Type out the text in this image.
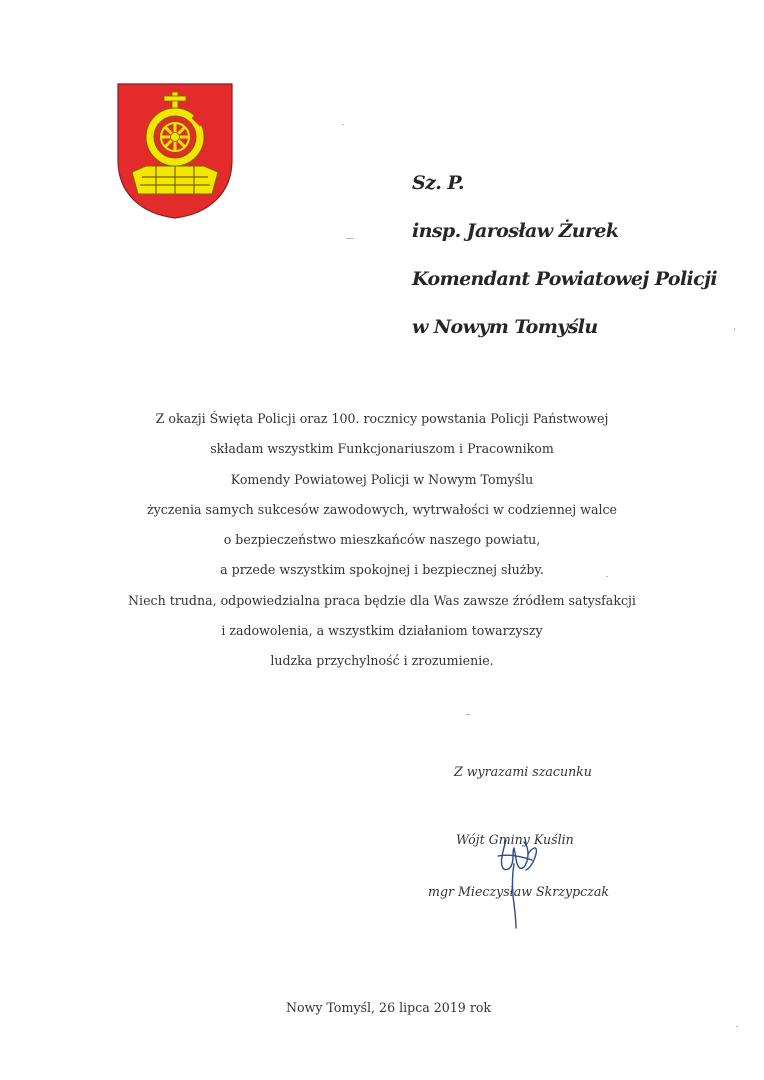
Sz. P.
insp. Jarosław Żurek
Komendant Powiatowej Policji
w Nowym Tomyślu
Z okazji Święta Policji oraz 100. rocznicy powstania Policji Państwowej
składam wszystkim Funkcjonariuszom i Pracownikom
Komendy Powiatowej Policji w Nowym Tomyślu
życzenia samych sukcesów zawodowych, wytrwałości w codziennej walce
o bezpieczeństwo mieszkańców naszego powiatu,
a przede wszystkim spokojnej i bezpiecznej służby.
Niech trudna, odpowiedzialna praca będzie dla Was zawsze źródłem satysfakcji
i zadowolenia, a wszystkim działaniom towarzyszy
ludzka przychylność i zrozumienie.
Z wyrazami szacunku
Wójt Gminy Kuślin
mgr Mieczysław Skrzypczak
Nowy Tomyśl, 26 lipca 2019 rok
